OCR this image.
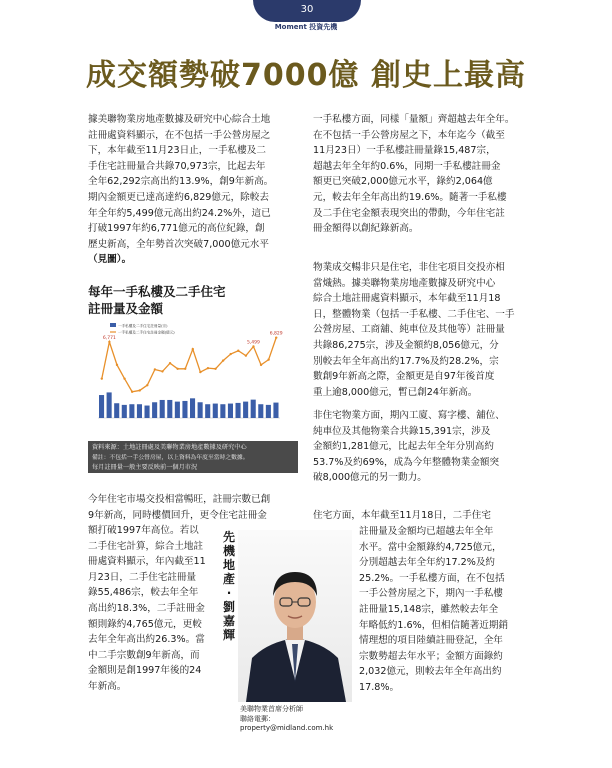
30
Moment 投資先機
成交額勢破7000億 創史上最高
據美聯物業房地產數據及研究中心綜合土地
註冊處資料顯示，在不包括一手公營房屋之
下，本年截至11月23日止，一手私樓及二
手住宅註冊量合共錄70,973宗，比起去年
全年62,292宗高出約13.9%，創9年新高。
期內金額更已達高達約6,829億元，除較去
年全年約5,499億元高出約24.2%外，這已
打破1997年約6,771億元的高位紀錄，創
歷史新高，全年勢首次突破7,000億元水平
（見圖）。
每年一手私樓及二手住宅
註冊量及金額
一手私樓及二手住宅註冊量(宗)
一手私樓及二手住宅註冊金額(億元)
6,771
5,499
6,829
資料來源：土地註冊處及美聯物業房地產數據及研究中心
備註：不包括一手公營房屋，以上資料為年度至當時之數據。
每月註冊量一般主要反映前一個月市況
今年住宅市場交投相當暢旺，註冊宗數已創
9年新高，同時樓價回升，更令住宅註冊金
額打破1997年高位。若以
二手住宅計算，綜合土地註
冊處資料顯示，年內截至11
月23日，二手住宅註冊量
錄55,486宗，較去年全年
高出約18.3%，二手註冊金
額則錄約4,765億元，更較
去年全年高出約26.3%。當
中二手宗數創9年新高，而
金額則是創1997年後的24
年新高。
先
機
地
產
·
劉
嘉
輝
美聯物業首席分析師
聯絡電郵：
property@midland.com.hk
一手私樓方面，同樣「量額」齊超越去年全年。
在不包括一手公營房屋之下，本年迄今（截至
11月23日）一手私樓註冊量錄15,487宗，
超越去年全年約0.6%，同期一手私樓註冊金
額更已突破2,000億元水平，錄約2,064億
元，較去年全年高出約19.6%。隨著一手私樓
及二手住宅金額表現突出的帶動，今年住宅註
冊金額得以創紀錄新高。
物業成交暢非只是住宅，非住宅項目交投亦相
當熾熱。據美聯物業房地產數據及研究中心
綜合土地註冊處資料顯示，本年截至11月18
日，整體物業（包括一手私樓、二手住宅、一手
公營房屋、工商舖、純車位及其他等）註冊量
共錄86,275宗，涉及金額約8,056億元，分
別較去年全年高出約17.7%及約28.2%，宗
數創9年新高之際，金額更是自97年後首度
重上逾8,000億元，暫已創24年新高。
非住宅物業方面，期內工廈、寫字樓、舖位、
純車位及其他物業合共錄15,391宗，涉及
金額約1,281億元，比起去年全年分別高約
53.7%及約69%，成為今年整體物業金額突
破8,000億元的另一動力。
住宅方面，本年截至11月18日，二手住宅
註冊量及金額均已超越去年全年
水平。當中金額錄約4,725億元，
分別超越去年全年約17.2%及約
25.2%。一手私樓方面，在不包括
一手公營房屋之下，期內一手私樓
註冊量15,148宗，雖然較去年全
年略低約1.6%，但相信隨著近期銷
情理想的項目陸續註冊登記，全年
宗數勢超去年水平；金額方面錄約
2,032億元，則較去年全年高出約
17.8%。
